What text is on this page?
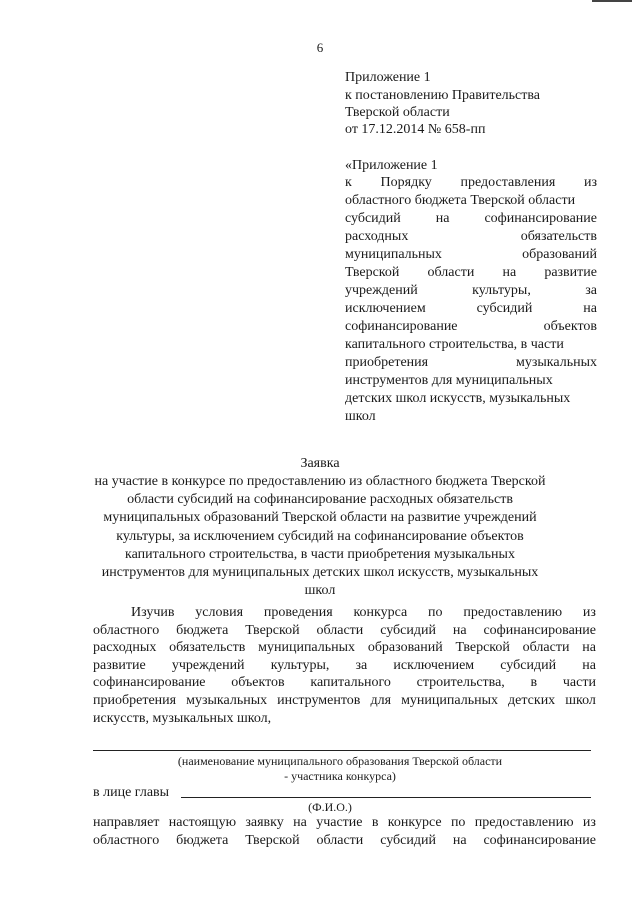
6
Приложение 1
к постановлению Правительства
Тверской области
от 17.12.2014 № 658-пп
«Приложение 1
к Порядку предоставления из
областного бюджета Тверской области
субсидий на софинансирование
расходных	обязательств
муниципальных	образований
Тверской области на развитие
учреждений	культуры,	за
исключением	субсидий	на
софинансирование	объектов
капитального строительства, в части
приобретения	музыкальных
инструментов для муниципальных
детских школ искусств, музыкальных
школ
Заявка
на участие в конкурсе по предоставлению из областного бюджета Тверской
области субсидий на софинансирование расходных обязательств
муниципальных образований Тверской области на развитие учреждений
культуры, за исключением субсидий на софинансирование объектов
капитального строительства, в части приобретения музыкальных
инструментов для муниципальных детских школ искусств, музыкальных
школ
Изучив условия проведения конкурса по предоставлению из
областного бюджета Тверской области субсидий на софинансирование
расходных обязательств муниципальных образований Тверской области на
развитие учреждений культуры, за исключением субсидий на
софинансирование объектов капитального строительства, в части
приобретения музыкальных инструментов для муниципальных детских школ
искусств, музыкальных школ,
(наименование муниципального образования Тверской области
- участника конкурса)
в лице главы
(Ф.И.О.)
направляет настоящую заявку на участие в конкурсе по предоставлению из
областного бюджета Тверской области субсидий на софинансирование
